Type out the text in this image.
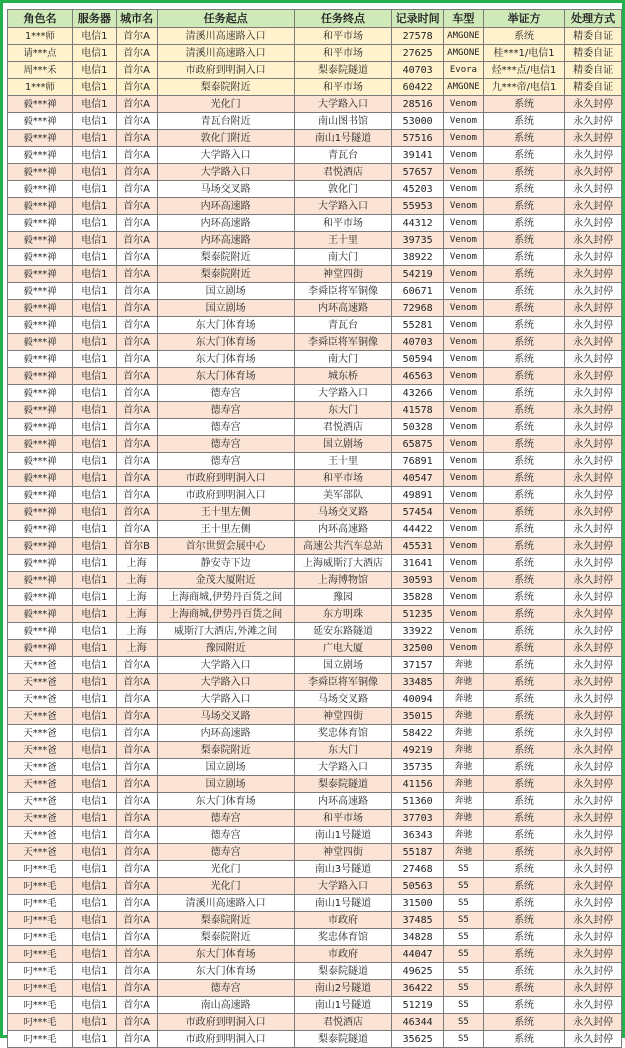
角色名	服务器	城市名	任务起点	任务终点	记录时间	车型	举证方	处理方式
1***师	电信1	首尔A	清溪川高速路入口	和平市场	27578	AMGONE	系统	精委自证
请***点	电信1	首尔A	清溪川高速路入口	和平市场	27625	AMGONE	桂***1/电信1	精委自证
周***禾	电信1	首尔A	市政府到明洞入口	梨泰院隧道	40703	Evora	烃***点/电信1	精委自证
1***师	电信1	首尔A	梨泰院附近	和平市场	60422	AMGONE	九***帝/电信1	精委自证
毅***禅	电信1	首尔A	光化门	大学路入口	28516	Venom	系统	永久封停
毅***禅	电信1	首尔A	青瓦台附近	南山图书馆	53000	Venom	系统	永久封停
毅***禅	电信1	首尔A	敦化门附近	南山1号隧道	57516	Venom	系统	永久封停
毅***禅	电信1	首尔A	大学路入口	青瓦台	39141	Venom	系统	永久封停
毅***禅	电信1	首尔A	大学路入口	君悦酒店	57657	Venom	系统	永久封停
毅***禅	电信1	首尔A	马场交叉路	敦化门	45203	Venom	系统	永久封停
毅***禅	电信1	首尔A	内环高速路	大学路入口	55953	Venom	系统	永久封停
毅***禅	电信1	首尔A	内环高速路	和平市场	44312	Venom	系统	永久封停
毅***禅	电信1	首尔A	内环高速路	王十里	39735	Venom	系统	永久封停
毅***禅	电信1	首尔A	梨泰院附近	南大门	38922	Venom	系统	永久封停
毅***禅	电信1	首尔A	梨泰院附近	神堂四街	54219	Venom	系统	永久封停
毅***禅	电信1	首尔A	国立剧场	李舜臣将军铜像	60671	Venom	系统	永久封停
毅***禅	电信1	首尔A	国立剧场	内环高速路	72968	Venom	系统	永久封停
毅***禅	电信1	首尔A	东大门体育场	青瓦台	55281	Venom	系统	永久封停
毅***禅	电信1	首尔A	东大门体育场	李舜臣将军铜像	40703	Venom	系统	永久封停
毅***禅	电信1	首尔A	东大门体育场	南大门	50594	Venom	系统	永久封停
毅***禅	电信1	首尔A	东大门体育场	城东桥	46563	Venom	系统	永久封停
毅***禅	电信1	首尔A	德寿宫	大学路入口	43266	Venom	系统	永久封停
毅***禅	电信1	首尔A	德寿宫	东大门	41578	Venom	系统	永久封停
毅***禅	电信1	首尔A	德寿宫	君悦酒店	50328	Venom	系统	永久封停
毅***禅	电信1	首尔A	德寿宫	国立剧场	65875	Venom	系统	永久封停
毅***禅	电信1	首尔A	德寿宫	王十里	76891	Venom	系统	永久封停
毅***禅	电信1	首尔A	市政府到明洞入口	和平市场	40547	Venom	系统	永久封停
毅***禅	电信1	首尔A	市政府到明洞入口	美军部队	49891	Venom	系统	永久封停
毅***禅	电信1	首尔A	王十里左侧	马场交叉路	57454	Venom	系统	永久封停
毅***禅	电信1	首尔A	王十里左侧	内环高速路	44422	Venom	系统	永久封停
毅***禅	电信1	首尔B	首尔世贸会展中心	高速公共汽车总站	45531	Venom	系统	永久封停
毅***禅	电信1	上海	静安寺下边	上海威斯汀大酒店	31641	Venom	系统	永久封停
毅***禅	电信1	上海	金茂大厦附近	上海博物馆	30593	Venom	系统	永久封停
毅***禅	电信1	上海	上海商城,伊势丹百货之间	豫园	35828	Venom	系统	永久封停
毅***禅	电信1	上海	上海商城,伊势丹百货之间	东方明珠	51235	Venom	系统	永久封停
毅***禅	电信1	上海	威斯汀大酒店,外滩之间	延安东路隧道	33922	Venom	系统	永久封停
毅***禅	电信1	上海	豫园附近	广电大厦	32500	Venom	系统	永久封停
天***爸	电信1	首尔A	大学路入口	国立剧场	37157	奔驰	系统	永久封停
天***爸	电信1	首尔A	大学路入口	李舜臣将军铜像	33485	奔驰	系统	永久封停
天***爸	电信1	首尔A	大学路入口	马场交叉路	40094	奔驰	系统	永久封停
天***爸	电信1	首尔A	马场交叉路	神堂四街	35015	奔驰	系统	永久封停
天***爸	电信1	首尔A	内环高速路	奖忠体育馆	58422	奔驰	系统	永久封停
天***爸	电信1	首尔A	梨泰院附近	东大门	49219	奔驰	系统	永久封停
天***爸	电信1	首尔A	国立剧场	大学路入口	35735	奔驰	系统	永久封停
天***爸	电信1	首尔A	国立剧场	梨泰院隧道	41156	奔驰	系统	永久封停
天***爸	电信1	首尔A	东大门体育场	内环高速路	51360	奔驰	系统	永久封停
天***爸	电信1	首尔A	德寿宫	和平市场	37703	奔驰	系统	永久封停
天***爸	电信1	首尔A	德寿宫	南山1号隧道	36343	奔驰	系统	永久封停
天***爸	电信1	首尔A	德寿宫	神堂四街	55187	奔驰	系统	永久封停
叼***毛	电信1	首尔A	光化门	南山3号隧道	27468	S5	系统	永久封停
叼***毛	电信1	首尔A	光化门	大学路入口	50563	S5	系统	永久封停
叼***毛	电信1	首尔A	清溪川高速路入口	南山1号隧道	31500	S5	系统	永久封停
叼***毛	电信1	首尔A	梨泰院附近	市政府	37485	S5	系统	永久封停
叼***毛	电信1	首尔A	梨泰院附近	奖忠体育馆	34828	S5	系统	永久封停
叼***毛	电信1	首尔A	东大门体育场	市政府	44047	S5	系统	永久封停
叼***毛	电信1	首尔A	东大门体育场	梨泰院隧道	49625	S5	系统	永久封停
叼***毛	电信1	首尔A	德寿宫	南山2号隧道	36422	S5	系统	永久封停
叼***毛	电信1	首尔A	南山高速路	南山1号隧道	51219	S5	系统	永久封停
叼***毛	电信1	首尔A	市政府到明洞入口	君悦酒店	46344	S5	系统	永久封停
叼***毛	电信1	首尔A	市政府到明洞入口	梨泰院隧道	35625	S5	系统	永久封停
